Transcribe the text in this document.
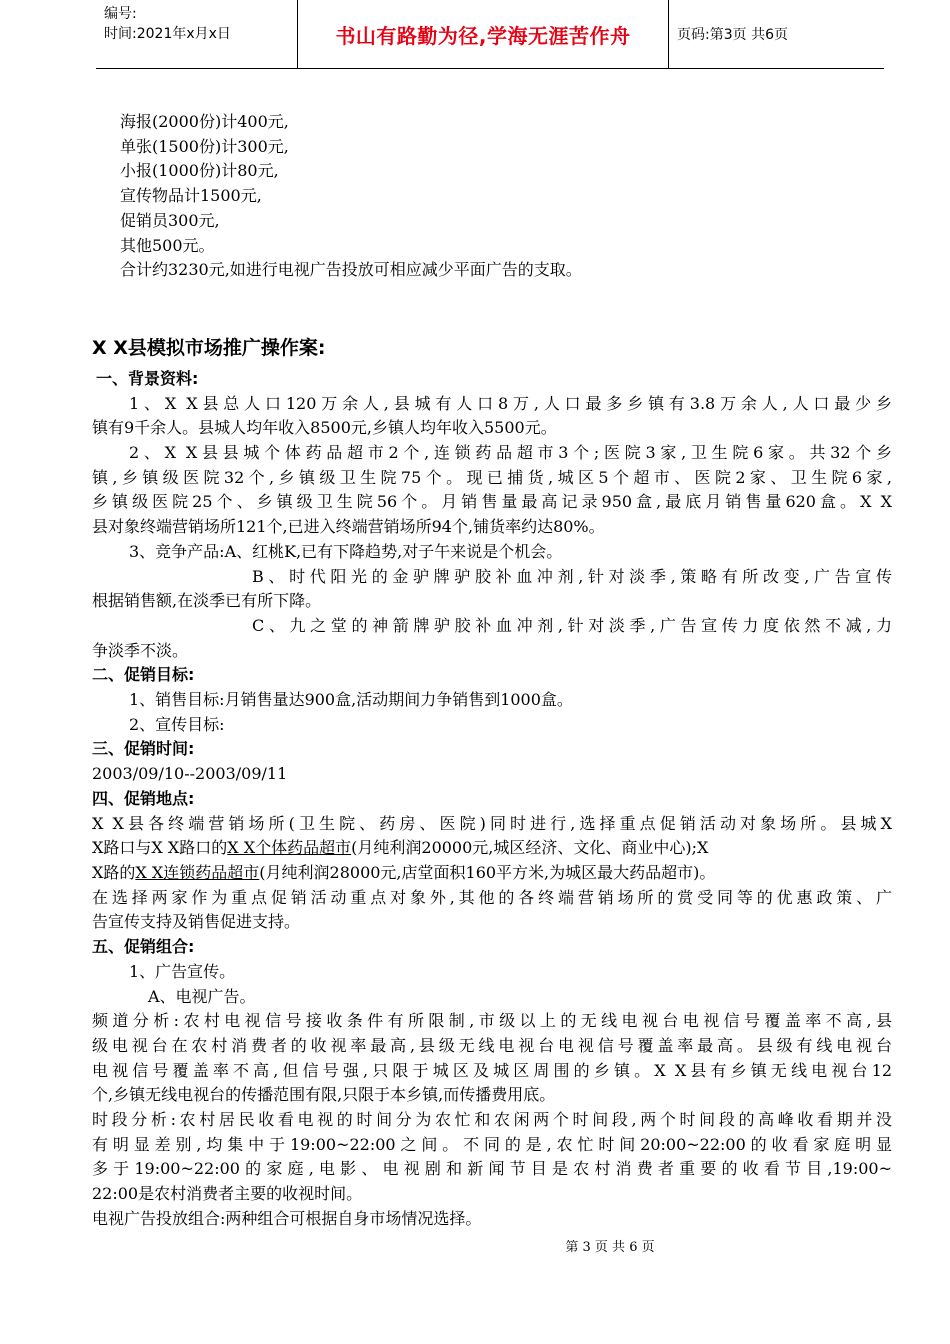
编号:
时间:2021年x月x日	书山有路勤为径,学海无涯苦作舟	页码:第3页 共6页

海报(2000份)计400元,

单张(1500份)计300元,

小报(1000份)计80元,

宣传物品计1500元,

促销员300元,

其他500元。

合计约3230元,如进行电视广告投放可相应减少平面广告的支取。

X X县模拟市场推广操作案:

一、背景资料:

1、X X县总人口120万余人,县城有人口8万,人口最多乡镇有3.8万余人,人口最少乡

镇有9千余人。县城人均年收入8500元,乡镇人均年收入5500元。

2、X X县县城个体药品超市2个,连锁药品超市3个;医院3家,卫生院6家。共32个乡

镇,乡镇级医院32个,乡镇级卫生院75个。现已捕货,城区5个超市、医院2家、卫生院6家,

乡镇级医院25个、乡镇级卫生院56个。月销售量最高记录950盒,最底月销售量620盒。X X

县对象终端营销场所121个,已进入终端营销场所94个,铺货率约达80%。

3、竞争产品:A、红桃K,已有下降趋势,对子午来说是个机会。

B、时代阳光的金驴牌驴胶补血冲剂,针对淡季,策略有所改变,广告宣传

根据销售额,在淡季已有所下降。

C、九之堂的神箭牌驴胶补血冲剂,针对淡季,广告宣传力度依然不减,力

争淡季不淡。

二、促销目标:

1、销售目标:月销售量达900盒,活动期间力争销售到1000盒。

2、宣传目标:

三、促销时间:

2003/09/10--2003/09/11

四、促销地点:

X X县各终端营销场所(卫生院、药房、医院)同时进行,选择重点促销活动对象场所。县城X

X路口与X X路口的X X个体药品超市(月纯利润20000元,城区经济、文化、商业中心);X

X路的X X连锁药品超市(月纯利润28000元,店堂面积160平方米,为城区最大药品超市)。

在选择两家作为重点促销活动重点对象外,其他的各终端营销场所的赏受同等的优惠政策、广

告宣传支持及销售促进支持。

五、促销组合:

1、广告宣传。

A、电视广告。

频道分析:农村电视信号接收条件有所限制,市级以上的无线电视台电视信号覆盖率不高,县

级电视台在农村消费者的收视率最高,县级无线电视台电视信号覆盖率最高。县级有线电视台

电视信号覆盖率不高,但信号强,只限于城区及城区周围的乡镇。X X县有乡镇无线电视台12

个,乡镇无线电视台的传播范围有限,只限于本乡镇,而传播费用底。

时段分析:农村居民收看电视的时间分为农忙和农闲两个时间段,两个时间段的高峰收看期并没

有明显差别,均集中于19:00~22:00之间。不同的是,农忙时间20:00~22:00的收看家庭明显

多于19:00~22:00的家庭,电影、电视剧和新闻节目是农村消费者重要的收看节目,19:00~

22:00是农村消费者主要的收视时间。

电视广告投放组合:两种组合可根据自身市场情况选择。

第 3 页 共 6 页
